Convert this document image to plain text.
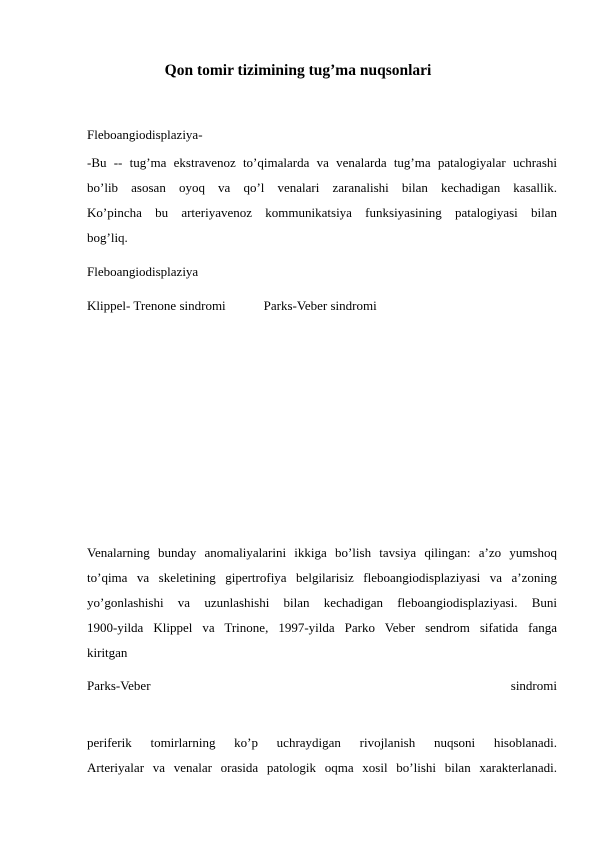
Qon tomir tizimining tug’ma nuqsonlari
Fleboangiodisplaziya-
-Bu -- tug’ma ekstravenoz to’qimalarda va venalarda tug’ma patalogiyalar uchrashi
bo’lib asosan oyoq va qo’l venalari zaranalishi bilan kechadigan kasallik.
Ko’pincha bu arteriyavenoz kommunikatsiya funksiyasining patalogiyasi bilan
bog’liq.
Fleboangiodisplaziya
Klippel- Trenone sindromi	Parks-Veber sindromi
Venalarning bunday anomaliyalarini ikkiga bo’lish tavsiya qilingan: a’zo yumshoq
to’qima va skeletining gipertrofiya belgilarisiz fleboangiodisplaziyasi va a’zoning
yo’gonlashishi va uzunlashishi bilan kechadigan fleboangiodisplaziyasi. Buni
1900-yilda Klippel va Trinone, 1997-yilda Parko Veber sendrom sifatida fanga
kiritgan
Parks-Veber	sindromi
periferik tomirlarning ko’p uchraydigan rivojlanish nuqsoni hisoblanadi.
Arteriyalar va venalar orasida patologik oqma xosil bo’lishi bilan xarakterlanadi.
